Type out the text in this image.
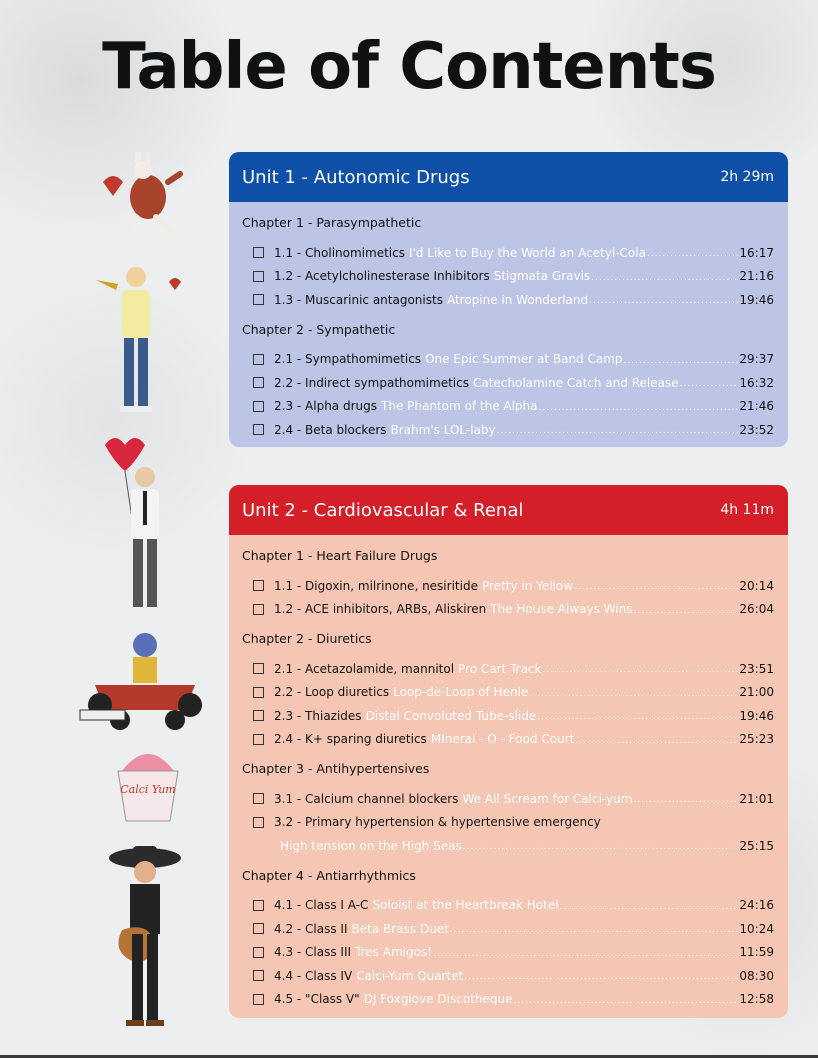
Table of Contents
Calci Yum
Unit 1 - Autonomic Drugs	2h 29m
Chapter 1 - Parasympathetic
1.1 - Cholinomimetics I'd Like to Buy the World an Acetyl-Cola .....	16:17
1.2 - Acetylcholinesterase Inhibitors Stigmata Gravis .....	21:16
1.3 - Muscarinic antagonists Atropine in Wonderland .....	19:46
Chapter 2 - Sympathetic
2.1 - Sympathomimetics One Epic Summer at Band Camp .....	29:37
2.2 - Indirect sympathomimetics Catecholamine Catch and Release .....	16:32
2.3 - Alpha drugs The Phantom of the Alpha .....	21:46
2.4 - Beta blockers Brahm's LOL-laby .....	23:52
Unit 2 - Cardiovascular & Renal	4h 11m
Chapter 1 - Heart Failure Drugs
1.1 - Digoxin, milrinone, nesiritide Pretty in Yellow .....	20:14
1.2 - ACE inhibitors, ARBs, Aliskiren The House Always Wins .....	26:04
Chapter 2 - Diuretics
2.1 - Acetazolamide, mannitol Pro Cart Track .....	23:51
2.2 - Loop diuretics Loop-de-Loop of Henle .....	21:00
2.3 - Thiazides Distal Convoluted Tube-slide .....	19:46
2.4 - K+ sparing diuretics MIneral - O - Food Court .....	25:23
Chapter 3 - Antihypertensives
3.1 - Calcium channel blockers We All Scream for Calci-yum .....	21:01
3.2 - Primary hypertension & hypertensive emergency
High tension on the High Seas .....	25:15
Chapter 4 - Antiarrhythmics
4.1 - Class I A-C Soloist at the Heartbreak Hotel .....	24:16
4.2 - Class II Beta Brass Duet .....	10:24
4.3 - Class III Tres Amigos! .....	11:59
4.4 - Class IV Calci-Yum Quartet .....	08:30
4.5 - "Class V" DJ Foxglove Discotheque .....	12:58
